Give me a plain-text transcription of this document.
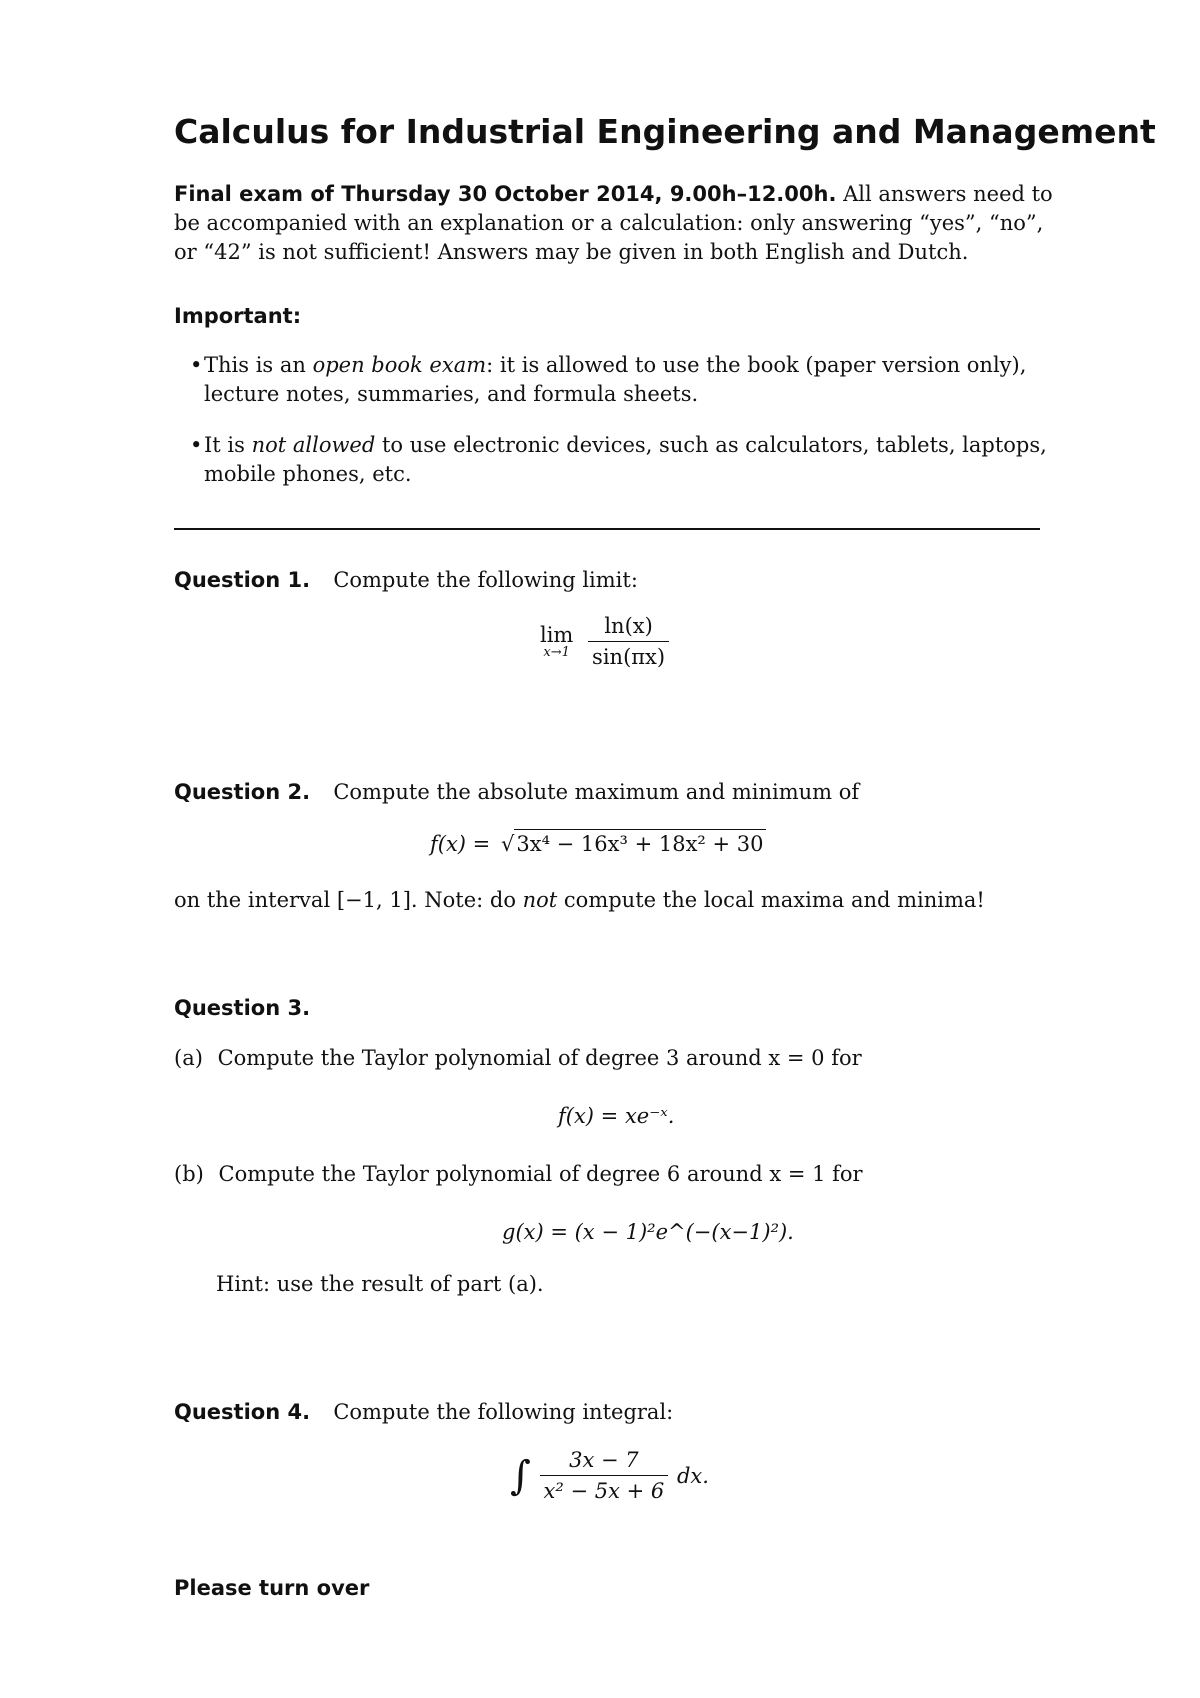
Calculus for Industrial Engineering and Management
Final exam of Thursday 30 October 2014, 9.00h–12.00h. All answers need to
be accompanied with an explanation or a calculation: only answering “yes”, “no”,
or “42” is not sufficient! Answers may be given in both English and Dutch.
Important:
• This is an open book exam: it is allowed to use the book (paper version only),
lecture notes, summaries, and formula sheets.
• It is not allowed to use electronic devices, such as calculators, tablets, laptops,
mobile phones, etc.
Question 1. Compute the following limit:
lim
x→1
$\frac{\ln(x)}{\sin(\pi x)}$
Question 2. Compute the absolute maximum and minimum of
f(x) = √3x⁴ − 16x³ + 18x² + 30
on the interval [−1, 1]. Note: do not compute the local maxima and minima!
Question 3.
(a) Compute the Taylor polynomial of degree 3 around x = 0 for
f(x) = xe⁻ˣ.
(b) Compute the Taylor polynomial of degree 6 around x = 1 for
g(x) = (x − 1)²e^(−(x−1)²).
Hint: use the result of part (a).
Question 4. Compute the following integral:
∫ $\frac{3x - 7}{\text{x² − 5x + 6}}$ dx.
Please turn over
